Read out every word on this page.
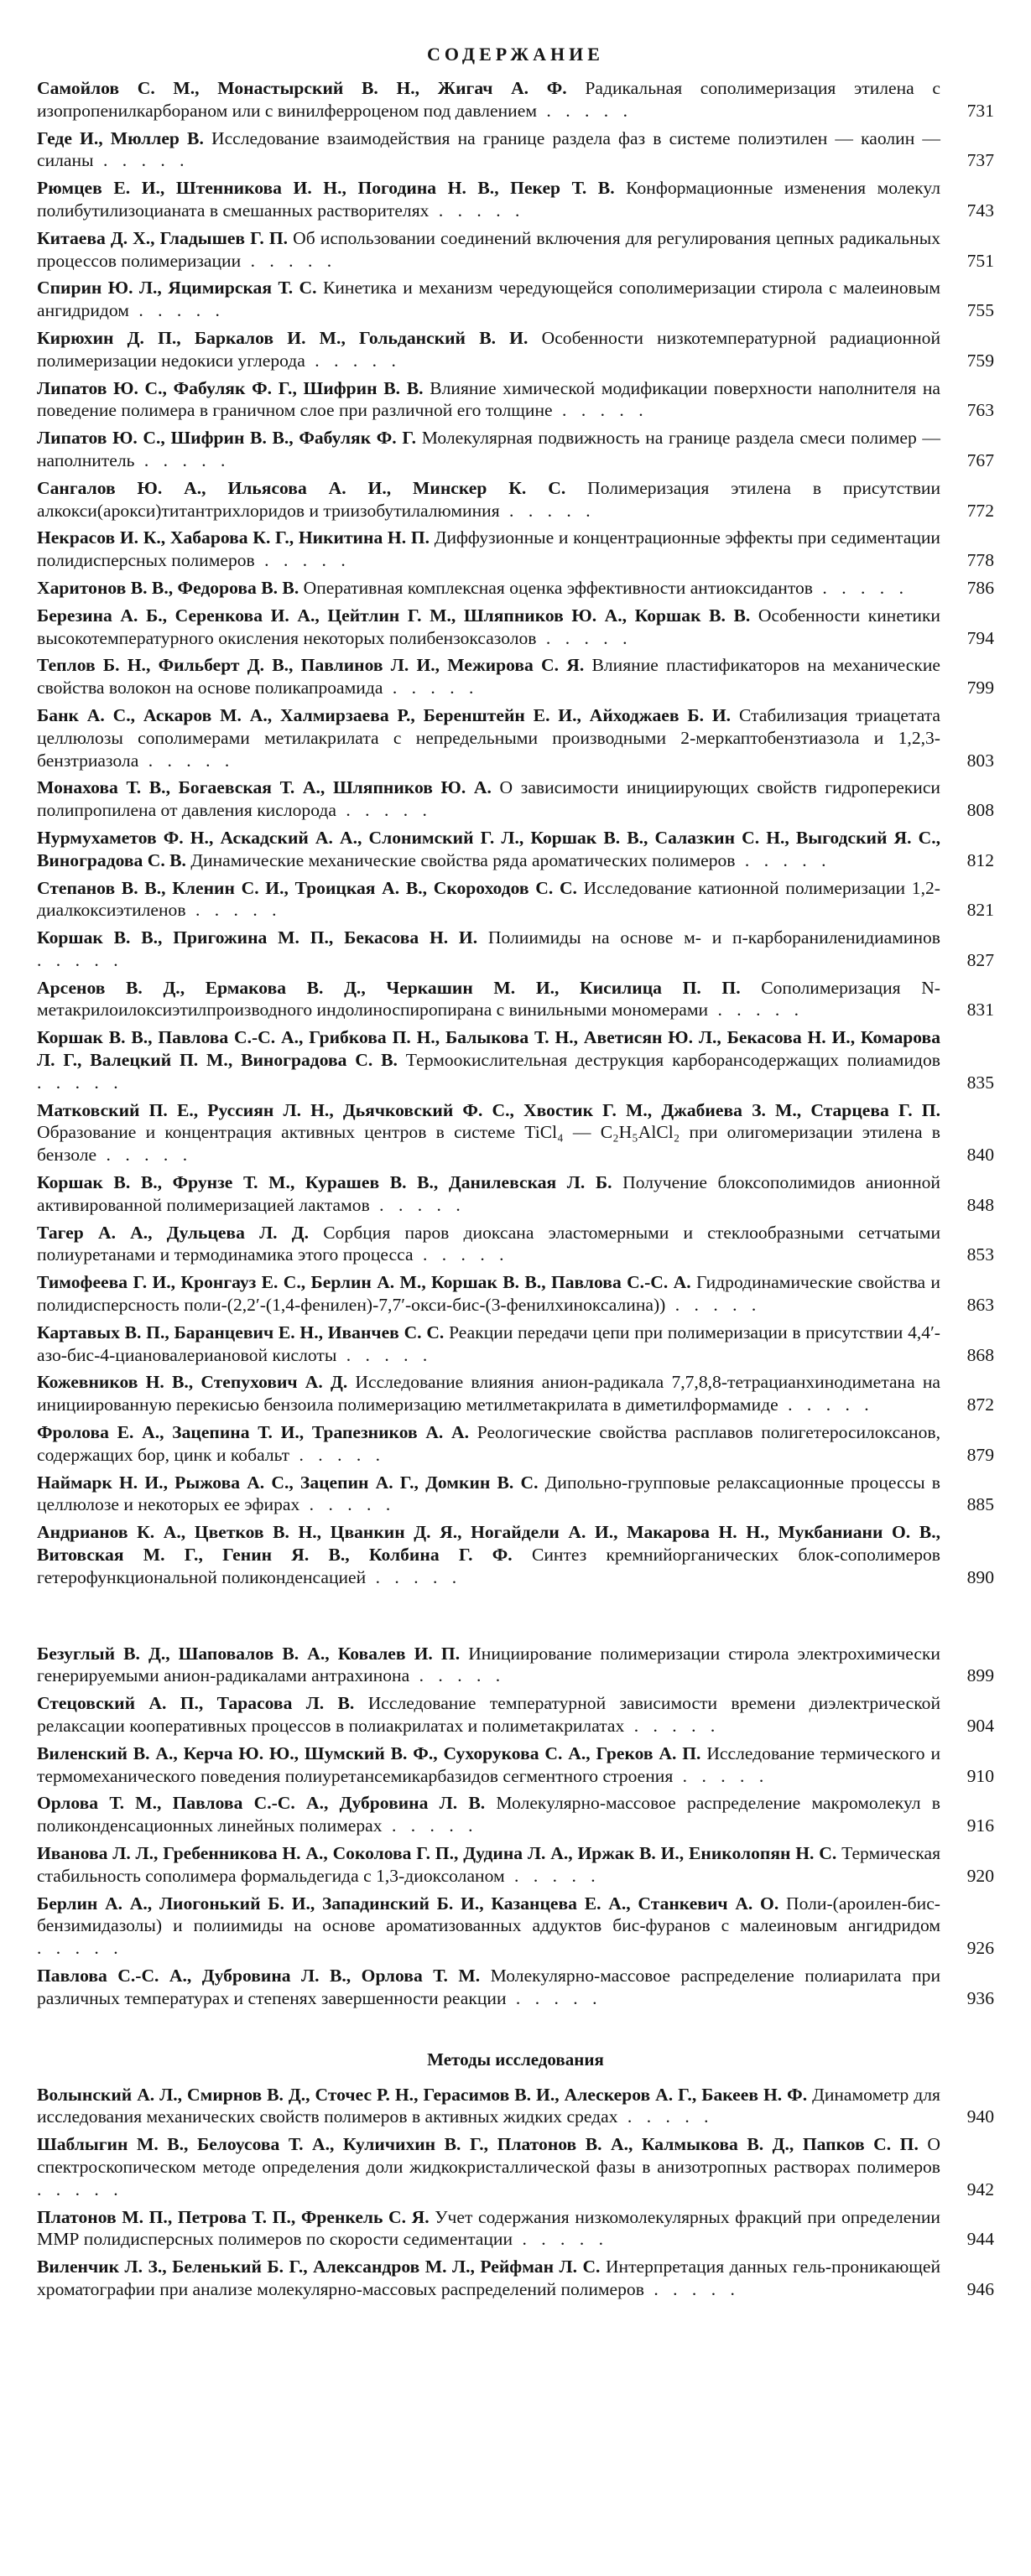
СОДЕРЖАНИЕ
Самойлов С. М., Монастырский В. Н., Жигач А. Ф. Радикальная сополимеризация этилена с изопропенилкарбораном или с винилферроценом под давлением . . . . .	731
Геде И., Мюллер В. Исследование взаимодействия на границе раздела фаз в системе полиэтилен — каолин — силаны . . . . .	737
Рюмцев Е. И., Штенникова И. Н., Погодина Н. В., Пекер Т. В. Конформационные изменения молекул полибутилизоцианата в смешанных растворителях . . . . .	743
Китаева Д. Х., Гладышев Г. П. Об использовании соединений включения для регулирования цепных радикальных процессов полимеризации . . . . .	751
Спирин Ю. Л., Яцимирская Т. С. Кинетика и механизм чередующейся сополимеризации стирола с малеиновым ангидридом . . . . .	755
Кирюхин Д. П., Баркалов И. М., Гольданский В. И. Особенности низкотемпературной радиационной полимеризации недокиси углерода . . . . .	759
Липатов Ю. С., Фабуляк Ф. Г., Шифрин В. В. Влияние химической модификации поверхности наполнителя на поведение полимера в граничном слое при различной его толщине . . . . .	763
Липатов Ю. С., Шифрин В. В., Фабуляк Ф. Г. Молекулярная подвижность на границе раздела смеси полимер — наполнитель . . . . .	767
Сангалов Ю. А., Ильясова А. И., Минскер К. С. Полимеризация этилена в присутствии алкокси(арокси)титантрихлоридов и триизобутилалюминия . . . . .	772
Некрасов И. К., Хабарова К. Г., Никитина Н. П. Диффузионные и концентрационные эффекты при седиментации полидисперсных полимеров . . . . .	778
Харитонов В. В., Федорова В. В. Оперативная комплексная оценка эффективности антиоксидантов . . . . .	786
Березина А. Б., Серенкова И. А., Цейтлин Г. М., Шляпников Ю. А., Коршак В. В. Особенности кинетики высокотемпературного окисления некоторых полибензоксазолов . . . . .	794
Теплов Б. Н., Фильберт Д. В., Павлинов Л. И., Межирова С. Я. Влияние пластификаторов на механические свойства волокон на основе поликапроамида . . . . .	799
Банк А. С., Аскаров М. А., Халмирзаева Р., Беренштейн Е. И., Айходжаев Б. И. Стабилизация триацетата целлюлозы сополимерами метилакрилата с непредельными производными 2-меркаптобензтиазола и 1,2,3-бензтриазола . . . . .	803
Монахова Т. В., Богаевская Т. А., Шляпников Ю. А. О зависимости инициирующих свойств гидроперекиси полипропилена от давления кислорода . . . . .	808
Нурмухаметов Ф. Н., Аскадский А. А., Слонимский Г. Л., Коршак В. В., Салазкин С. Н., Выгодский Я. С., Виноградова С. В. Динамические механические свойства ряда ароматических полимеров . . . . .	812
Степанов В. В., Кленин С. И., Троицкая А. В., Скороходов С. С. Исследование катионной полимеризации 1,2-диалкоксиэтиленов . . . . .	821
Коршак В. В., Пригожина М. П., Бекасова Н. И. Полиимиды на основе м- и п-карбораниленидиаминов . . . . .	827
Арсенов В. Д., Ермакова В. Д., Черкашин М. И., Кисилица П. П. Сополимеризация N-метакрилоилоксиэтилпроизводного индолиноспиропирана с винильными мономерами . . . . .	831
Коршак В. В., Павлова С.-С. А., Грибкова П. Н., Балыкова Т. Н., Аветисян Ю. Л., Бекасова Н. И., Комарова Л. Г., Валецкий П. М., Виноградова С. В. Термоокислительная деструкция карборансодержащих полиамидов . . . . .	835
Матковский П. Е., Руссиян Л. Н., Дьячковский Ф. С., Хвостик Г. М., Джабиева З. М., Старцева Г. П. Образование и концентрация активных центров в системе TiCl₄ — C₂H₅AlCl₂ при олигомеризации этилена в бензоле . . . . .	840
Коршак В. В., Фрунзе Т. М., Курашев В. В., Данилевская Л. Б. Получение блоксополимидов анионной активированной полимеризацией лактамов . . . . .	848
Тагер А. А., Дульцева Л. Д. Сорбция паров диоксана эластомерными и стеклообразными сетчатыми полиуретанами и термодинамика этого процесса . . . . .	853
Тимофеева Г. И., Кронгауз Е. С., Берлин А. М., Коршак В. В., Павлова С.-С. А. Гидродинамические свойства и полидисперсность поли-(2,2′-(1,4-фенилен)-7,7′-окси-бис-(3-фенилхиноксалина)) . . . . .	863
Картавых В. П., Баранцевич Е. Н., Иванчев С. С. Реакции передачи цепи при полимеризации в присутствии 4,4′-азо-бис-4-циановалериановой кислоты . . . . .	868
Кожевников Н. В., Степухович А. Д. Исследование влияния анион-радикала 7,7,8,8-тетрацианхинодиметана на инициированную перекисью бензоила полимеризацию метилметакрилата в диметилформамиде . . . . .	872
Фролова Е. А., Зацепина Т. И., Трапезников А. А. Реологические свойства расплавов полигетеросилоксанов, содержащих бор, цинк и кобальт . . . . .	879
Наймарк Н. И., Рыжова А. С., Зацепин А. Г., Домкин В. С. Дипольно-групповые релаксационные процессы в целлюлозе и некоторых ее эфирах . . . . .	885
Андрианов К. А., Цветков В. Н., Цванкин Д. Я., Ногайдели А. И., Макарова Н. Н., Мукбаниани О. В., Витовская М. Г., Генин Я. В., Колбина Г. Ф. Синтез кремнийорганических блок-сополимеров гетерофункциональной поликонденсацией . . . . .	890
Безуглый В. Д., Шаповалов В. А., Ковалев И. П. Инициирование полимеризации стирола электрохимически генерируемыми анион-радикалами антрахинона . . . . .	899
Стецовский А. П., Тарасова Л. В. Исследование температурной зависимости времени диэлектрической релаксации кооперативных процессов в полиакрилатах и полиметакрилатах . . . . .	904
Виленский В. А., Керча Ю. Ю., Шумский В. Ф., Сухорукова С. А., Греков А. П. Исследование термического и термомеханического поведения полиуретансемикарбазидов сегментного строения . . . . .	910
Орлова Т. М., Павлова С.-С. А., Дубровина Л. В. Молекулярно-массовое распределение макромолекул в поликонденсационных линейных полимерах . . . . .	916
Иванова Л. Л., Гребенникова Н. А., Соколова Г. П., Дудина Л. А., Иржак В. И., Ениколопян Н. С. Термическая стабильность сополимера формальдегида с 1,3-диоксоланом . . . . .	920
Берлин А. А., Лиогонький Б. И., Западинский Б. И., Казанцева Е. А., Станкевич А. О. Поли-(ароилен-бис-бензимидазолы) и полиимиды на основе ароматизованных аддуктов бис-фуранов с малеиновым ангидридом . . . . .	926
Павлова С.-С. А., Дубровина Л. В., Орлова Т. М. Молекулярно-массовое распределение полиарилата при различных температурах и степенях завершенности реакции . . . . .	936
Методы исследования
Волынский А. Л., Смирнов В. Д., Сточес Р. Н., Герасимов В. И., Алескеров А. Г., Бакеев Н. Ф. Динамометр для исследования механических свойств полимеров в активных жидких средах . . . . .	940
Шаблыгин М. В., Белоусова Т. А., Куличихин В. Г., Платонов В. А., Калмыкова В. Д., Папков С. П. О спектроскопическом методе определения доли жидкокристаллической фазы в анизотропных растворах полимеров . . . . .	942
Платонов М. П., Петрова Т. П., Френкель С. Я. Учет содержания низкомолекулярных фракций при определении ММР полидисперсных полимеров по скорости седиментации . . . . .	944
Виленчик Л. З., Беленький Б. Г., Александров М. Л., Рейфман Л. С. Интерпретация данных гель-проникающей хроматографии при анализе молекулярно-массовых распределений полимеров . . . . .	946
